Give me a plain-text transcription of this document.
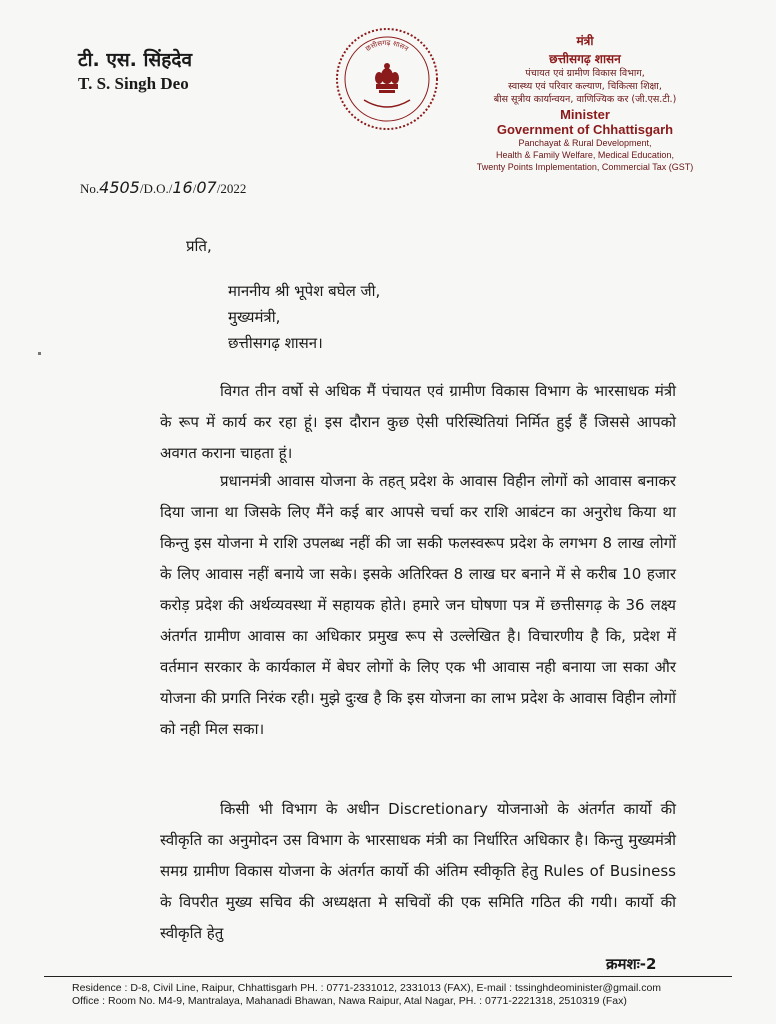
टी. एस. सिंहदेव
T. S. Singh Deo
छत्तीसगढ़ शासन
मंत्री
छत्तीसगढ़ शासन
पंचायत एवं ग्रामीण विकास विभाग,
स्वास्थ्य एवं परिवार कल्याण, चिकित्सा शिक्षा,
बीस सूत्रीय कार्यान्वयन, वाणिज्यिक कर (जी.एस.टी.)
Minister
Government of Chhattisgarh
Panchayat & Rural Development,
Health & Family Welfare, Medical Education,
Twenty Points Implementation, Commercial Tax (GST)
No.4505/D.O./16/07/2022
प्रति,
माननीय श्री भूपेश बघेल जी,
मुख्यमंत्री,
छत्तीसगढ़ शासन।
विगत तीन वर्षो से अधिक मैं पंचायत एवं ग्रामीण विकास विभाग के भारसाधक मंत्री के रूप में कार्य कर रहा हूं। इस दौरान कुछ ऐसी परिस्थितियां निर्मित हुई हैं जिससे आपको अवगत कराना चाहता हूं।
प्रधानमंत्री आवास योजना के तहत् प्रदेश के आवास विहीन लोगों को आवास बनाकर दिया जाना था जिसके लिए मैंने कई बार आपसे चर्चा कर राशि आबंटन का अनुरोध किया था किन्तु इस योजना मे राशि उपलब्ध नहीं की जा सकी फलस्वरूप प्रदेश के लगभग 8 लाख लोगों के लिए आवास नहीं बनाये जा सके। इसके अतिरिक्त 8 लाख घर बनाने में से करीब 10 हजार करोड़ प्रदेश की अर्थव्यवस्था में सहायक होते। हमारे जन घोषणा पत्र में छत्तीसगढ़ के 36 लक्ष्य अंतर्गत ग्रामीण आवास का अधिकार प्रमुख रूप से उल्लेखित है। विचारणीय है कि, प्रदेश में वर्तमान सरकार के कार्यकाल में बेघर लोगों के लिए एक भी आवास नही बनाया जा सका और योजना की प्रगति निरंक रही। मुझे दुःख है कि इस योजना का लाभ प्रदेश के आवास विहीन लोगों को नही मिल सका।
किसी भी विभाग के अधीन Discretionary योजनाओ के अंतर्गत कार्यो की स्वीकृति का अनुमोदन उस विभाग के भारसाधक मंत्री का निर्धारित अधिकार है। किन्तु मुख्यमंत्री समग्र ग्रामीण विकास योजना के अंतर्गत कार्यो की अंतिम स्वीकृति हेतु Rules of Business के विपरीत मुख्य सचिव की अध्यक्षता मे सचिवों की एक समिति गठित की गयी। कार्यो की स्वीकृति हेतु
क्रमशः-2
Residence : D-8, Civil Line, Raipur, Chhattisgarh PH. : 0771-2331012, 2331013 (FAX), E-mail : tssinghdeominister@gmail.com
Office : Room No. M4-9, Mantralaya, Mahanadi Bhawan, Nawa Raipur, Atal Nagar, PH. : 0771-2221318, 2510319 (Fax)
